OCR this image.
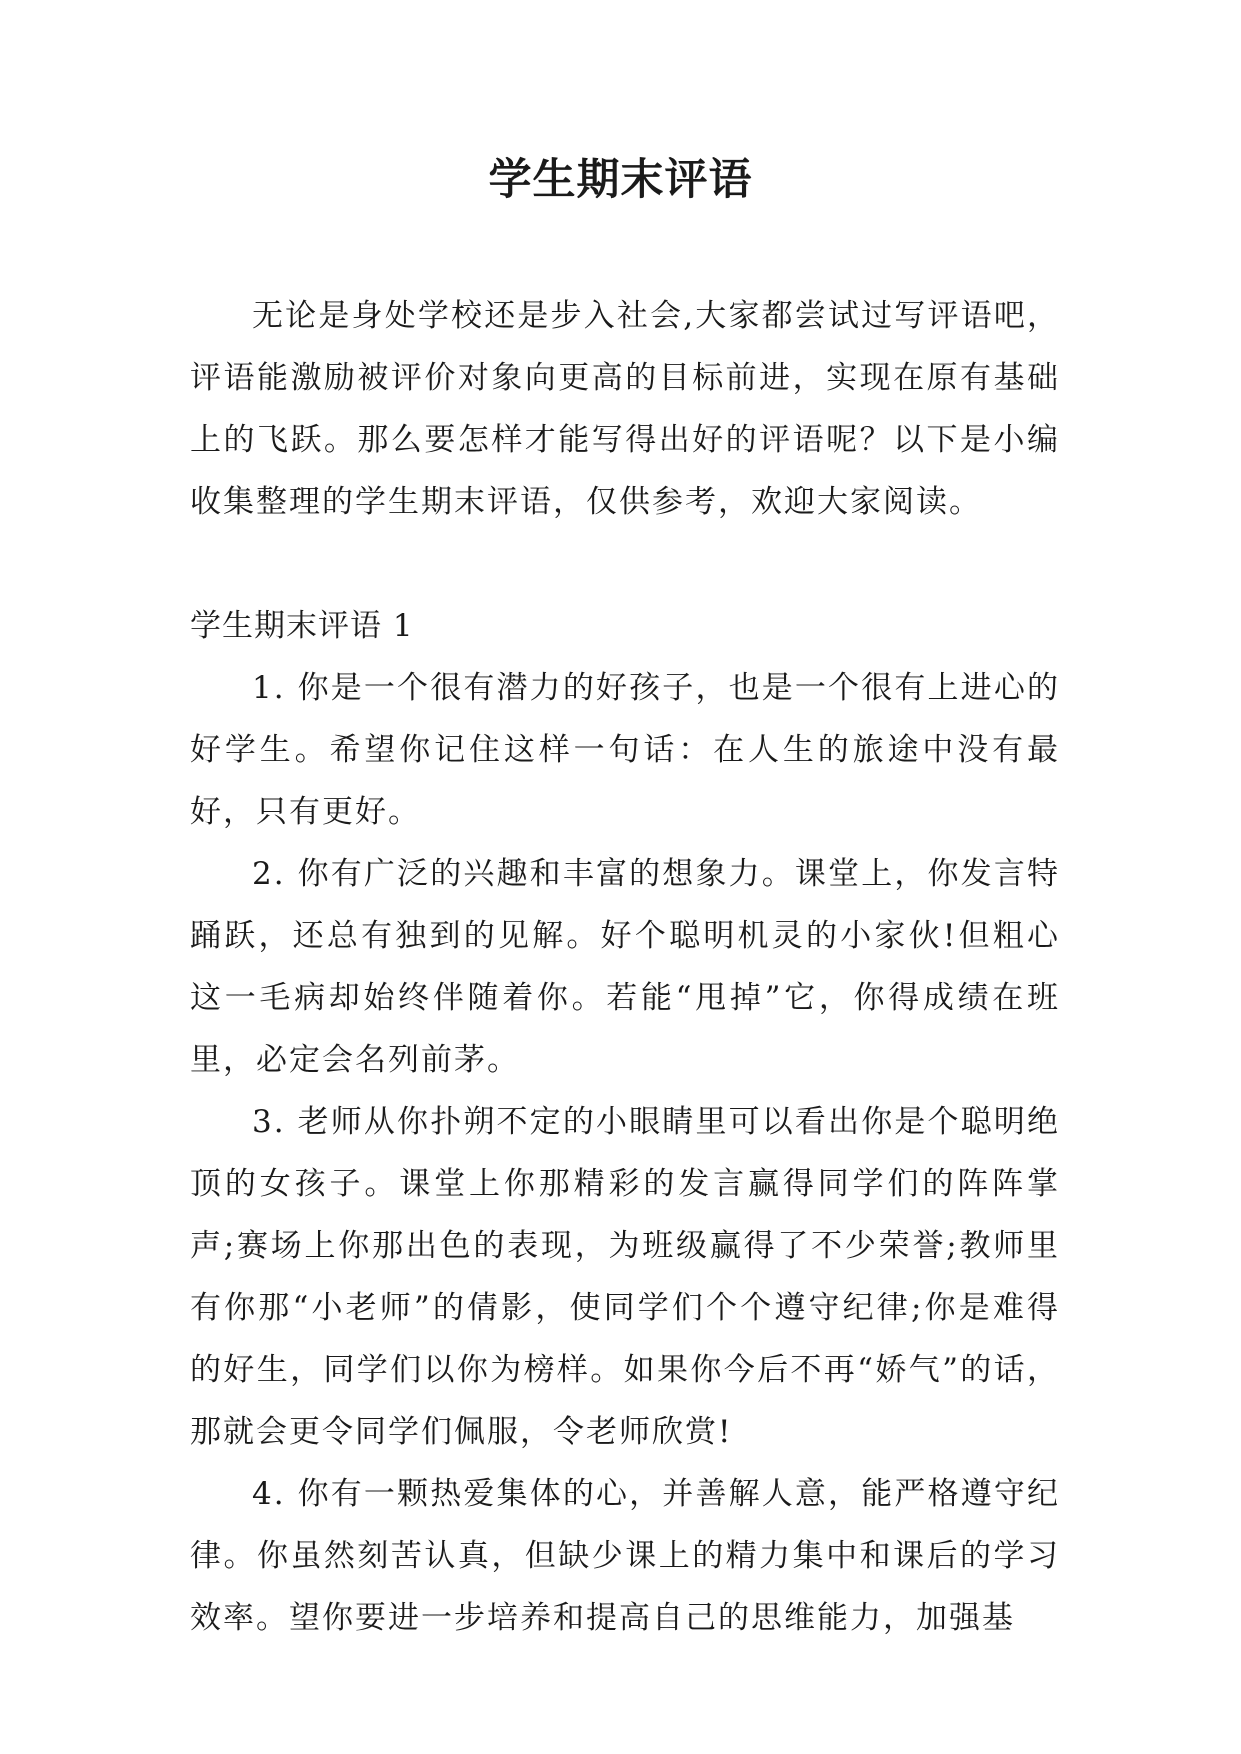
学生期末评语

无论是身处学校还是步入社会,大家都尝试过写评语吧，评语能激励被评价对象向更高的目标前进，实现在原有基础上的飞跃。那么要怎样才能写得出好的评语呢？以下是小编收集整理的学生期末评语，仅供参考，欢迎大家阅读。

学生期末评语 1

1. 你是一个很有潜力的好孩子，也是一个很有上进心的好学生。希望你记住这样一句话：在人生的旅途中没有最好，只有更好。

2. 你有广泛的兴趣和丰富的想象力。课堂上，你发言特踊跃，还总有独到的见解。好个聪明机灵的小家伙!但粗心这一毛病却始终伴随着你。若能“甩掉”它，你得成绩在班里，必定会名列前茅。

3. 老师从你扑朔不定的小眼睛里可以看出你是个聪明绝顶的女孩子。课堂上你那精彩的发言赢得同学们的阵阵掌声;赛场上你那出色的表现，为班级赢得了不少荣誉;教师里有你那“小老师”的倩影，使同学们个个遵守纪律;你是难得的好生，同学们以你为榜样。如果你今后不再“娇气”的话，那就会更令同学们佩服，令老师欣赏!

4. 你有一颗热爱集体的心，并善解人意，能严格遵守纪律。你虽然刻苦认真，但缺少课上的精力集中和课后的学习效率。望你要进一步培养和提高自己的思维能力，加强基
